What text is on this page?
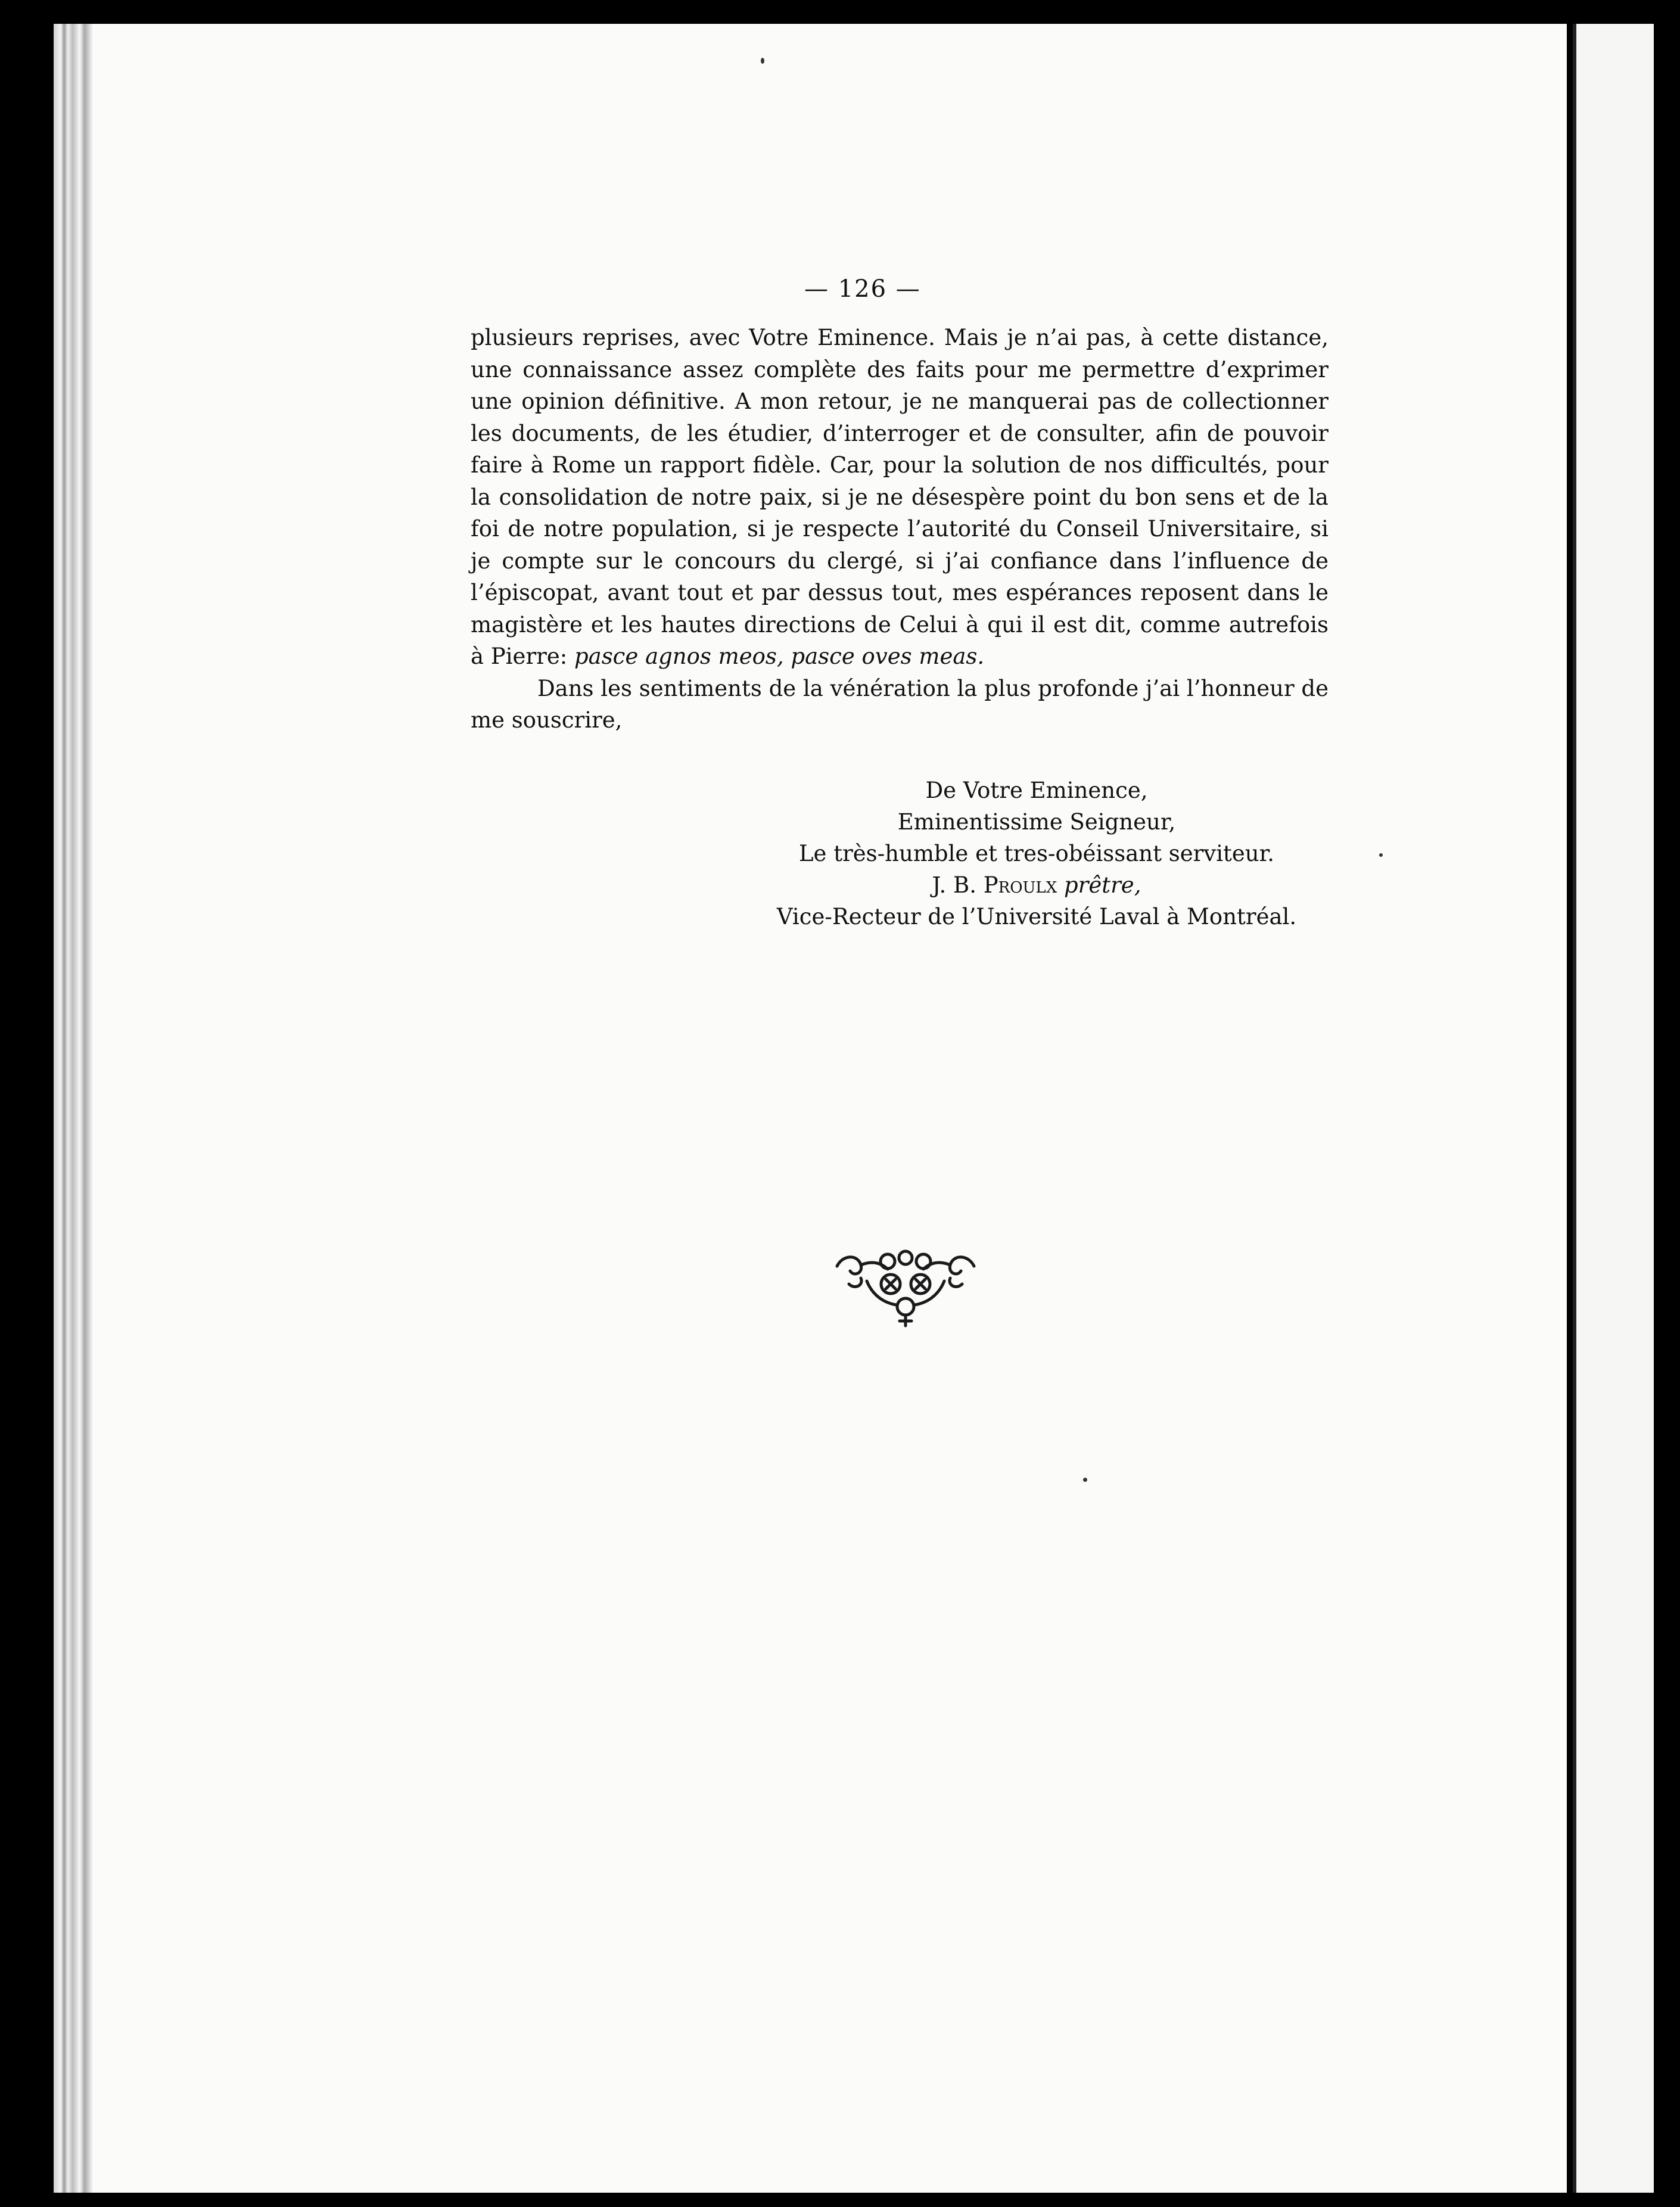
— 126 —

plusieurs reprises, avec Votre Eminence. Mais je n’ai pas, à cette distance, une connaissance assez complète des faits pour me permettre d’exprimer une opinion définitive. A mon retour, je ne manquerai pas de collectionner les documents, de les étudier, d’interroger et de consulter, afin de pouvoir faire à Rome un rapport fidèle. Car, pour la solution de nos difficultés, pour la consolidation de notre paix, si je ne désespère point du bon sens et de la foi de notre population, si je respecte l’autorité du Conseil Universitaire, si je compte sur le concours du clergé, si j’ai confiance dans l’influence de l’épiscopat, avant tout et par dessus tout, mes espérances reposent dans le magistère et les hautes directions de Celui à qui il est dit, comme autrefois à Pierre: pasce agnos meos, pasce oves meas.

Dans les sentiments de la vénération la plus profonde j’ai l’honneur de me souscrire,

De Votre Eminence,
Eminentissime Seigneur,
Le très-humble et tres-obéissant serviteur.
J. B. Proulx prêtre,
Vice-Recteur de l’Université Laval à Montréal.
